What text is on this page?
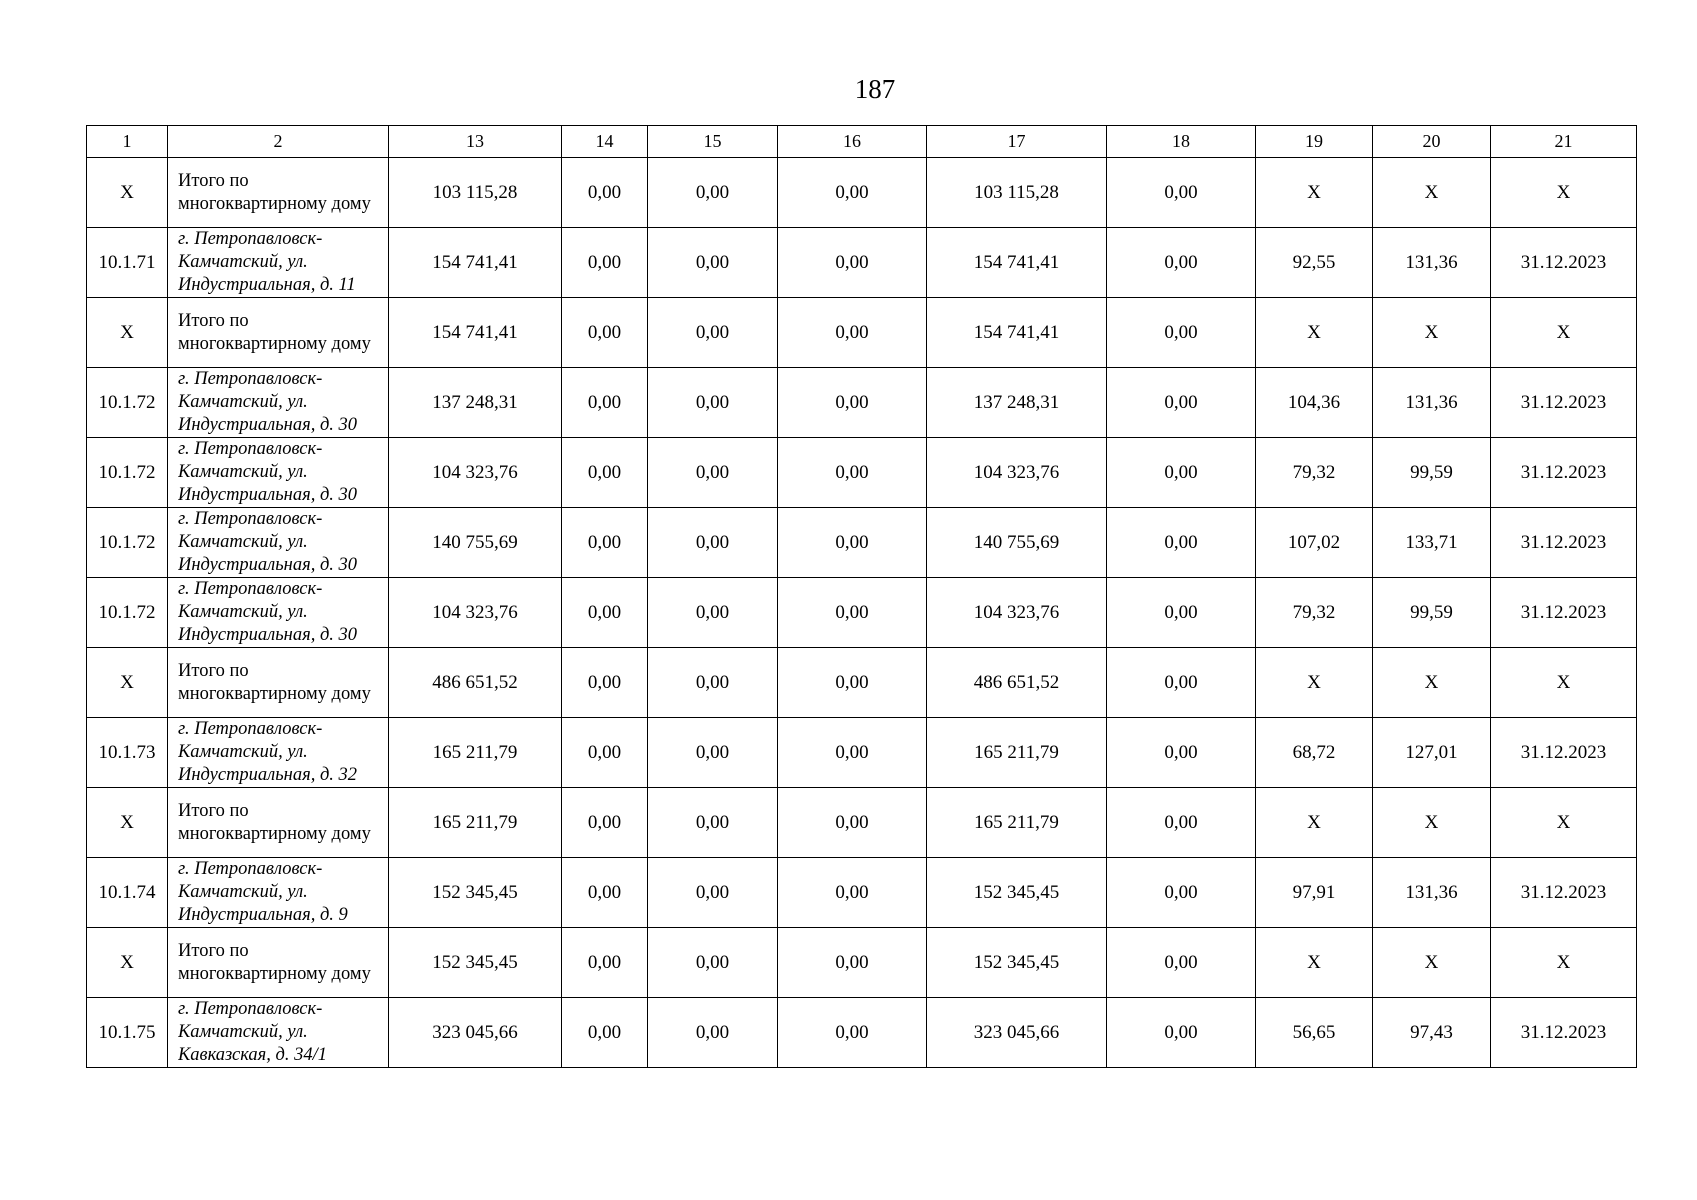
187
1	2	13	14	15	16	17	18	19	20	21
X	Итого по многоквартирному дому	103 115,28	0,00	0,00	0,00	103 115,28	0,00	X	X	X
10.1.71	г. Петропавловск-Камчатский, ул. Индустриальная, д. 11	154 741,41	0,00	0,00	0,00	154 741,41	0,00	92,55	131,36	31.12.2023
X	Итого по многоквартирному дому	154 741,41	0,00	0,00	0,00	154 741,41	0,00	X	X	X
10.1.72	г. Петропавловск-Камчатский, ул. Индустриальная, д. 30	137 248,31	0,00	0,00	0,00	137 248,31	0,00	104,36	131,36	31.12.2023
10.1.72	г. Петропавловск-Камчатский, ул. Индустриальная, д. 30	104 323,76	0,00	0,00	0,00	104 323,76	0,00	79,32	99,59	31.12.2023
10.1.72	г. Петропавловск-Камчатский, ул. Индустриальная, д. 30	140 755,69	0,00	0,00	0,00	140 755,69	0,00	107,02	133,71	31.12.2023
10.1.72	г. Петропавловск-Камчатский, ул. Индустриальная, д. 30	104 323,76	0,00	0,00	0,00	104 323,76	0,00	79,32	99,59	31.12.2023
X	Итого по многоквартирному дому	486 651,52	0,00	0,00	0,00	486 651,52	0,00	X	X	X
10.1.73	г. Петропавловск-Камчатский, ул. Индустриальная, д. 32	165 211,79	0,00	0,00	0,00	165 211,79	0,00	68,72	127,01	31.12.2023
X	Итого по многоквартирному дому	165 211,79	0,00	0,00	0,00	165 211,79	0,00	X	X	X
10.1.74	г. Петропавловск-Камчатский, ул. Индустриальная, д. 9	152 345,45	0,00	0,00	0,00	152 345,45	0,00	97,91	131,36	31.12.2023
X	Итого по многоквартирному дому	152 345,45	0,00	0,00	0,00	152 345,45	0,00	X	X	X
10.1.75	г. Петропавловск-Камчатский, ул. Кавказская, д. 34/1	323 045,66	0,00	0,00	0,00	323 045,66	0,00	56,65	97,43	31.12.2023
